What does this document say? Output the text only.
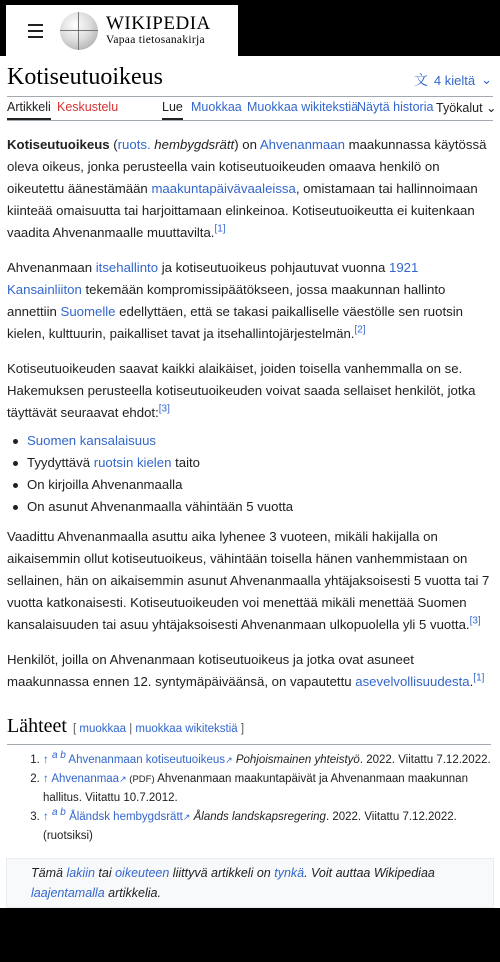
WIKIPEDIA
Vapaa tietosanakirja
Kotiseutuoikeus	文 4 kieltä ⌄
Artikkeli Keskustelu	Lue Muokkaa Muokkaa wikitekstiä
Näytä historia Työkalut ⌄

Kotiseutuoikeus (ruots. hembygdsrätt) on Ahvenanmaan maakunnassa käytössä oleva oikeus, jonka perusteella vain kotiseutuoikeuden omaava henkilö on oikeutettu äänestämään maakuntapäivävaaleissa, omistamaan tai hallinnoimaan kiinteää omaisuutta tai harjoittamaan elinkeinoa. Kotiseutuoikeutta ei kuitenkaan vaadita Ahvenanmaalle muuttavilta.[1]

Ahvenanmaan itsehallinto ja kotiseutuoikeus pohjautuvat vuonna 1921 Kansainliiton tekemään kompromissipäätökseen, jossa maakunnan hallinto annettiin Suomelle edellyttäen, että se takasi paikalliselle väestölle sen ruotsin kielen, kulttuurin, paikalliset tavat ja itsehallintojärjestelmän.[2]

Kotiseutuoikeuden saavat kaikki alaikäiset, joiden toisella vanhemmalla on se. Hakemuksen perusteella kotiseutuoikeuden voivat saada sellaiset henkilöt, jotka täyttävät seuraavat ehdot:[3]

Suomen kansalaisuus
Tyydyttävä ruotsin kielen taito
On kirjoilla Ahvenanmaalla
On asunut Ahvenanmaalla vähintään 5 vuotta

Vaadittu Ahvenanmaalla asuttu aika lyhenee 3 vuoteen, mikäli hakijalla on aikaisemmin ollut kotiseutuoikeus, vähintään toisella hänen vanhemmistaan on sellainen, hän on aikaisemmin asunut Ahvenanmaalla yhtäjaksoisesti 5 vuotta tai 7 vuotta katkonaisesti. Kotiseutuoikeuden voi menettää mikäli menettää Suomen kansalaisuuden tai asuu yhtäjaksoisesti Ahvenanmaan ulkopuolella yli 5 vuotta.[3]

Henkilöt, joilla on Ahvenanmaan kotiseutuoikeus ja jotka ovat asuneet maakunnassa ennen 12. syntymäpäiväänsä, on vapautettu asevelvollisuudesta.[1]

Lähteet [ muokkaa | muokkaa wikitekstiä ]
1. ↑ $^{a b}$ Ahvenanmaan kotiseutuoikeus↗ Pohjoismainen yhteistyö. 2022. Viitattu 7.12.2022.
2. ↑ Ahvenanmaa↗ (PDF) Ahvenanmaan maakuntapäivät ja Ahvenanmaan maakunnan hallitus. Viitattu 10.7.2012.
3. ↑ $^{a b}$ Åländsk hembygdsrätt↗ Ålands landskapsregering. 2022. Viitattu 7.12.2022. (ruotsiksi)
Tämä lakiin tai oikeuteen liittyvä artikkeli on tynkä. Voit auttaa Wikipediaa laajentamalla artikkelia.
